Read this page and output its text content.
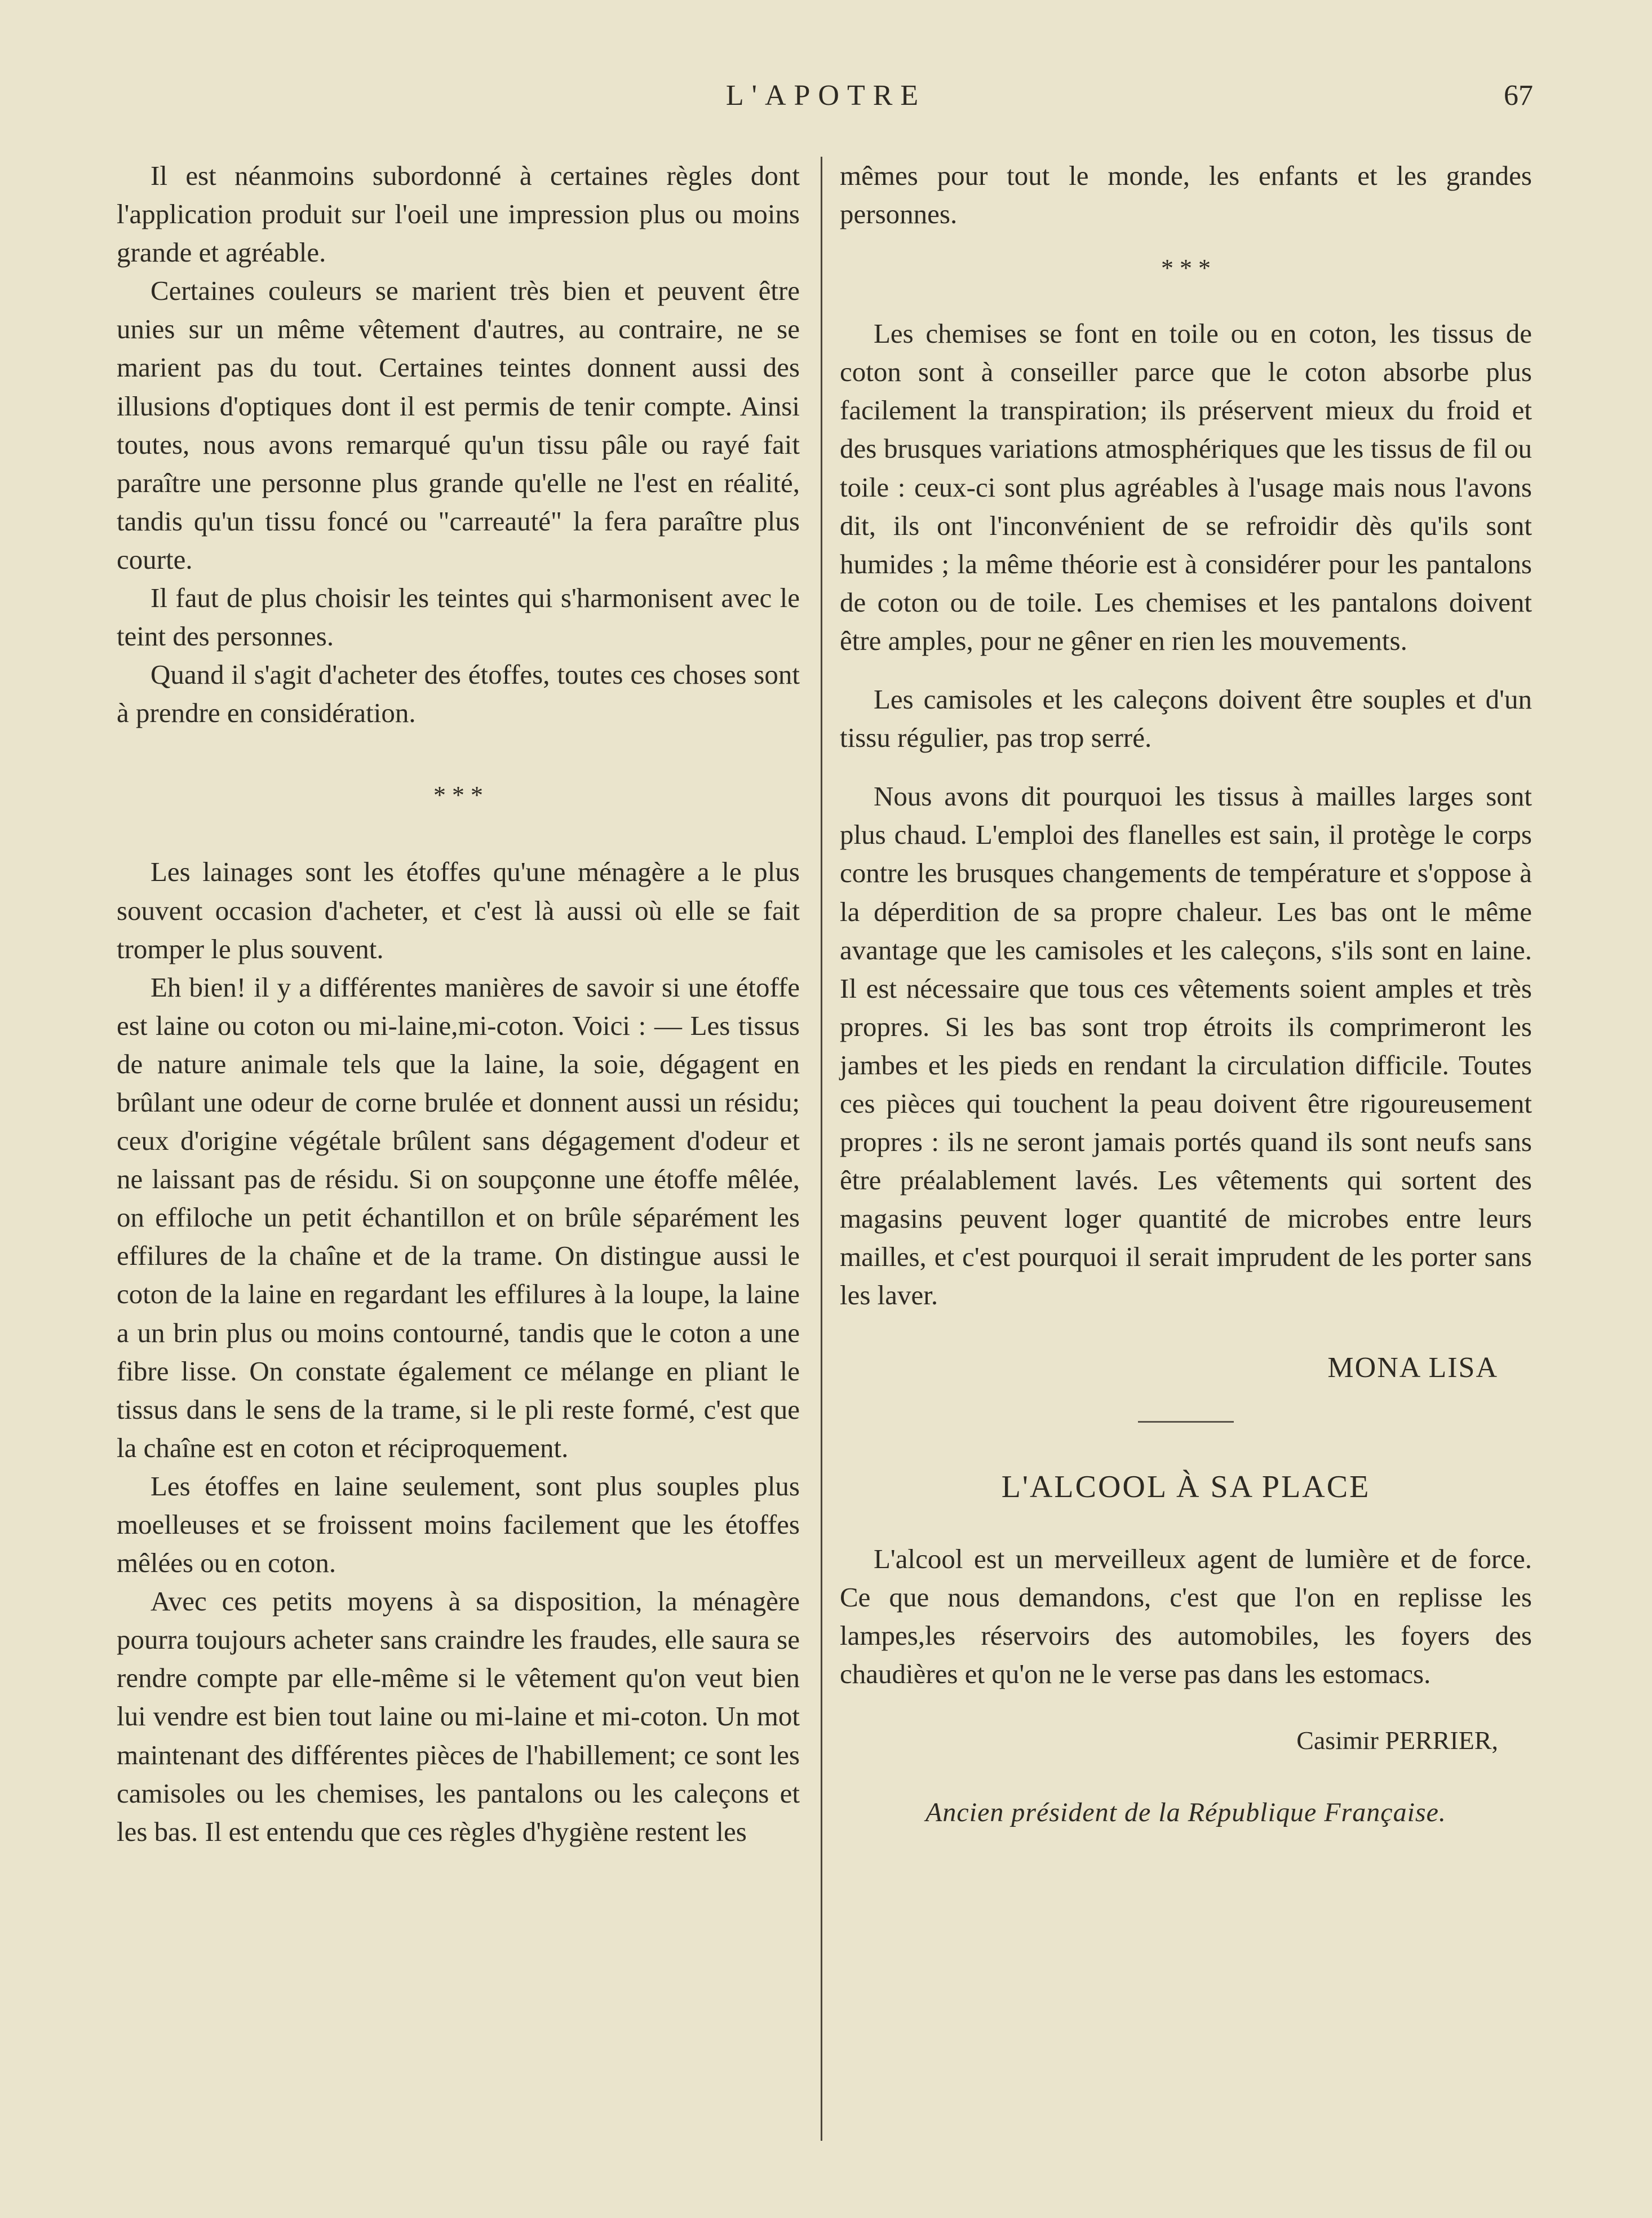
L'APOTRE	67

Il est néanmoins subordonné à certaines règles dont l'application produit sur l'oeil une impression plus ou moins grande et agréable.

Certaines couleurs se marient très bien et peuvent être unies sur un même vêtement d'autres, au contraire, ne se marient pas du tout. Certaines teintes donnent aussi des illusions d'optiques dont il est permis de tenir compte. Ainsi toutes, nous avons remarqué qu'un tissu pâle ou rayé fait paraître une personne plus grande qu'elle ne l'est en réalité, tandis qu'un tissu foncé ou "carreauté" la fera paraître plus courte.

Il faut de plus choisir les teintes qui s'harmonisent avec le teint des personnes.

Quand il s'agit d'acheter des étoffes, toutes ces choses sont à prendre en considération.

* * *

Les lainages sont les étoffes qu'une ménagère a le plus souvent occasion d'acheter, et c'est là aussi où elle se fait tromper le plus souvent.

Eh bien! il y a différentes manières de savoir si une étoffe est laine ou coton ou mi-laine,mi-coton. Voici : — Les tissus de nature animale tels que la laine, la soie, dégagent en brûlant une odeur de corne brulée et donnent aussi un résidu; ceux d'origine végétale brûlent sans dégagement d'odeur et ne laissant pas de résidu. Si on soupçonne une étoffe mêlée, on effiloche un petit échantillon et on brûle séparément les effilures de la chaîne et de la trame. On distingue aussi le coton de la laine en regardant les effilures à la loupe, la laine a un brin plus ou moins contourné, tandis que le coton a une fibre lisse. On constate également ce mélange en pliant le tissus dans le sens de la trame, si le pli reste formé, c'est que la chaîne est en coton et réciproquement.

Les étoffes en laine seulement, sont plus souples plus moelleuses et se froissent moins facilement que les étoffes mêlées ou en coton.

Avec ces petits moyens à sa disposition, la ménagère pourra toujours acheter sans craindre les fraudes, elle saura se rendre compte par elle-même si le vêtement qu'on veut bien lui vendre est bien tout laine ou mi-laine et mi-coton. Un mot maintenant des différentes pièces de l'habillement; ce sont les camisoles ou les chemises, les pantalons ou les caleçons et les bas. Il est entendu que ces règles d'hygiène restent les

mêmes pour tout le monde, les enfants et les grandes personnes.

* * *

Les chemises se font en toile ou en coton, les tissus de coton sont à conseiller parce que le coton absorbe plus facilement la transpiration; ils préservent mieux du froid et des brusques variations atmosphériques que les tissus de fil ou toile : ceux-ci sont plus agréables à l'usage mais nous l'avons dit, ils ont l'inconvénient de se refroidir dès qu'ils sont humides ; la même théorie est à considérer pour les pantalons de coton ou de toile. Les chemises et les pantalons doivent être amples, pour ne gêner en rien les mouvements.

Les camisoles et les caleçons doivent être souples et d'un tissu régulier, pas trop serré.

Nous avons dit pourquoi les tissus à mailles larges sont plus chaud. L'emploi des flanelles est sain, il protège le corps contre les brusques changements de température et s'oppose à la déperdition de sa propre chaleur. Les bas ont le même avantage que les camisoles et les caleçons, s'ils sont en laine. Il est nécessaire que tous ces vêtements soient amples et très propres. Si les bas sont trop étroits ils comprimeront les jambes et les pieds en rendant la circulation difficile. Toutes ces pièces qui touchent la peau doivent être rigoureusement propres : ils ne seront jamais portés quand ils sont neufs sans être préalablement lavés. Les vêtements qui sortent des magasins peuvent loger quantité de microbes entre leurs mailles, et c'est pourquoi il serait imprudent de les porter sans les laver.

MONA LISA
L'ALCOOL À SA PLACE

L'alcool est un merveilleux agent de lumière et de force. Ce que nous demandons, c'est que l'on en replisse les lampes,les réservoirs des automobiles, les foyers des chaudières et qu'on ne le verse pas dans les estomacs.

Casimir PERRIER,
Ancien président de la République Française.
